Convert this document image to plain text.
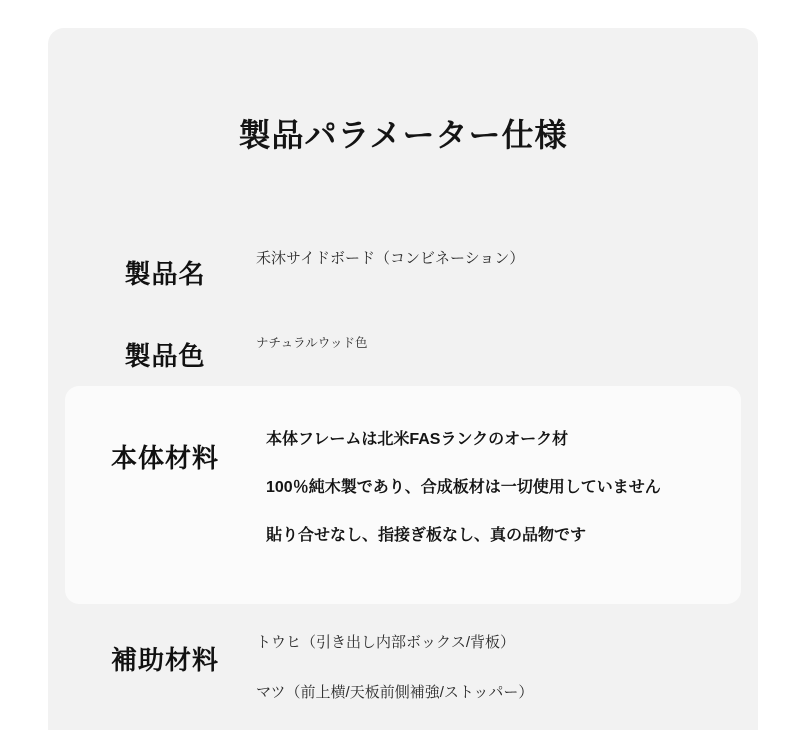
製品パラメーター仕様
製品名
禾沐サイドボード（コンビネーション）
製品色	ナチュラルウッド色
本体材料
本体フレームは北米FASランクのオーク材
100％純木製であり、合成板材は一切使用していません
貼り合せなし、指接ぎ板なし、真の品物です
補助材料
トウヒ（引き出し内部ボックス/背板）
マツ（前上横/天板前側補強/ストッパー）
